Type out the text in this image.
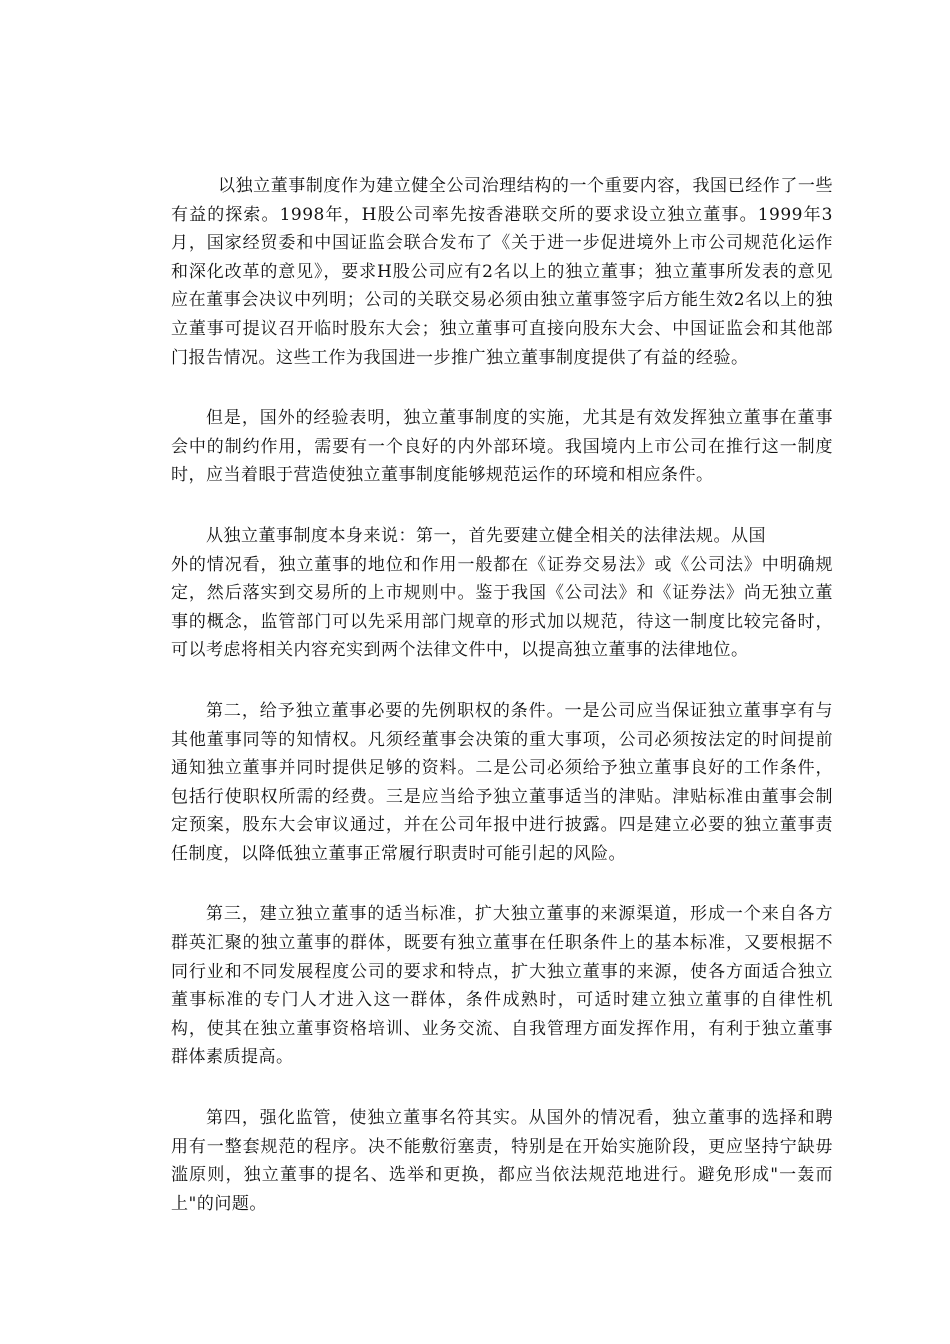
以独立董事制度作为建立健全公司治理结构的一个重要内容，我国已经作了一些有益的探索。1998年，H股公司率先按香港联交所的要求设立独立董事。1999年3月，国家经贸委和中国证监会联合发布了《关于进一步促进境外上市公司规范化运作和深化改革的意见》，要求H股公司应有2名以上的独立董事；独立董事所发表的意见应在董事会决议中列明；公司的关联交易必须由独立董事签字后方能生效2名以上的独立董事可提议召开临时股东大会；独立董事可直接向股东大会、中国证监会和其他部门报告情况。这些工作为我国进一步推广独立董事制度提供了有益的经验。

但是，国外的经验表明，独立董事制度的实施，尤其是有效发挥独立董事在董事会中的制约作用，需要有一个良好的内外部环境。我国境内上市公司在推行这一制度时，应当着眼于营造使独立董事制度能够规范运作的环境和相应条件。

从独立董事制度本身来说：第一，首先要建立健全相关的法律法规。从国

外的情况看，独立董事的地位和作用一般都在《证券交易法》或《公司法》中明确规定，然后落实到交易所的上市规则中。鉴于我国《公司法》和《证券法》尚无独立董事的概念，监管部门可以先采用部门规章的形式加以规范，待这一制度比较完备时，可以考虑将相关内容充实到两个法律文件中，以提高独立董事的法律地位。

第二，给予独立董事必要的先例职权的条件。一是公司应当保证独立董事享有与其他董事同等的知情权。凡须经董事会决策的重大事项，公司必须按法定的时间提前通知独立董事并同时提供足够的资料。二是公司必须给予独立董事良好的工作条件，包括行使职权所需的经费。三是应当给予独立董事适当的津贴。津贴标准由董事会制定预案，股东大会审议通过，并在公司年报中进行披露。四是建立必要的独立董事责任制度，以降低独立董事正常履行职责时可能引起的风险。

第三，建立独立董事的适当标准，扩大独立董事的来源渠道，形成一个来自各方群英汇聚的独立董事的群体，既要有独立董事在任职条件上的基本标准，又要根据不同行业和不同发展程度公司的要求和特点，扩大独立董事的来源，使各方面适合独立董事标准的专门人才进入这一群体，条件成熟时，可适时建立独立董事的自律性机构，使其在独立董事资格培训、业务交流、自我管理方面发挥作用，有利于独立董事群体素质提高。

第四，强化监管，使独立董事名符其实。从国外的情况看，独立董事的选择和聘用有一整套规范的程序。决不能敷衍塞责，特别是在开始实施阶段，更应坚持宁缺毋滥原则，独立董事的提名、选举和更换，都应当依法规范地进行。避免形成"一轰而上"的问题。
